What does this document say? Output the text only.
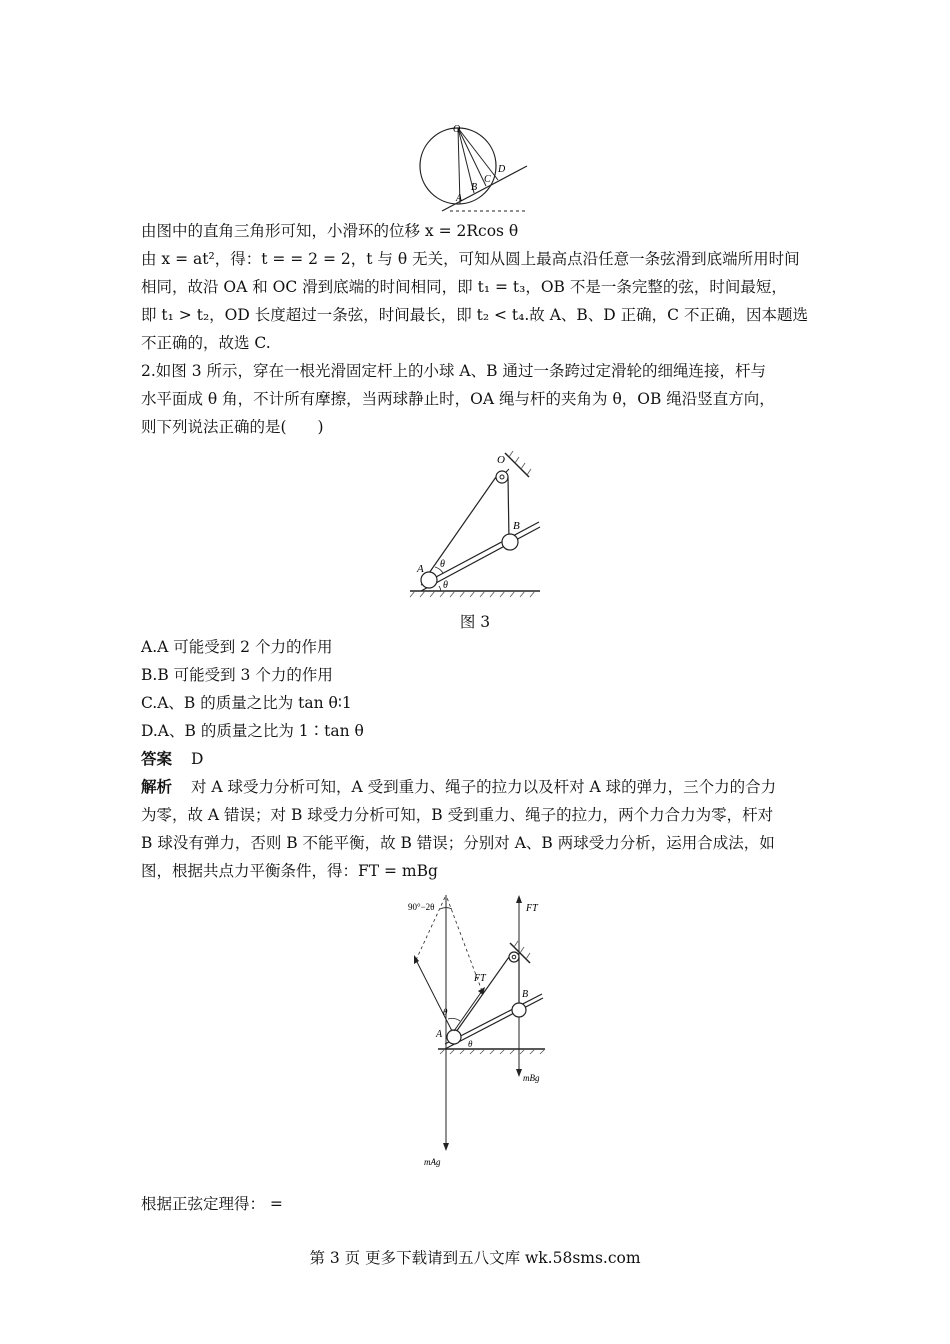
O
A
B
C
D
由图中的直角三角形可知，小滑环的位移 x = 2Rcos θ
由 x = at²，得：t = = 2 = 2，t 与 θ 无关，可知从圆上最高点沿任意一条弦滑到底端所用时间
相同，故沿 OA 和 OC 滑到底端的时间相同，即 t₁ = t₃，OB 不是一条完整的弦，时间最短，
即 t₁ > t₂，OD 长度超过一条弦，时间最长，即 t₂ < t₄.故 A、B、D 正确，C 不正确，因本题选
不正确的，故选 C.
2.如图 3 所示，穿在一根光滑固定杆上的小球 A、B 通过一条跨过定滑轮的细绳连接，杆与
水平面成 θ 角，不计所有摩擦，当两球静止时，OA 绳与杆的夹角为 θ，OB 绳沿竖直方向，
则下列说法正确的是(　　)
O
B
A θ
θ
图 3
A.A 可能受到 2 个力的作用
B.B 可能受到 3 个力的作用
C.A、B 的质量之比为 tan θ∶1
D.A、B 的质量之比为 1∶tan θ
答案 D
解析 对 A 球受力分析可知，A 受到重力、绳子的拉力以及杆对 A 球的弹力，三个力的合力
为零，故 A 错误；对 B 球受力分析可知，B 受到重力、绳子的拉力，两个力合力为零，杆对
B 球没有弹力，否则 B 不能平衡，故 B 错误；分别对 A、B 两球受力分析，运用合成法，如
图，根据共点力平衡条件，得：FT = mBg
90°−2θ	FT
FT
B
A
θ
θ
mBg
mAg
根据正弦定理得： =
第 3 页 更多下载请到五八文库 wk.58sms.com
